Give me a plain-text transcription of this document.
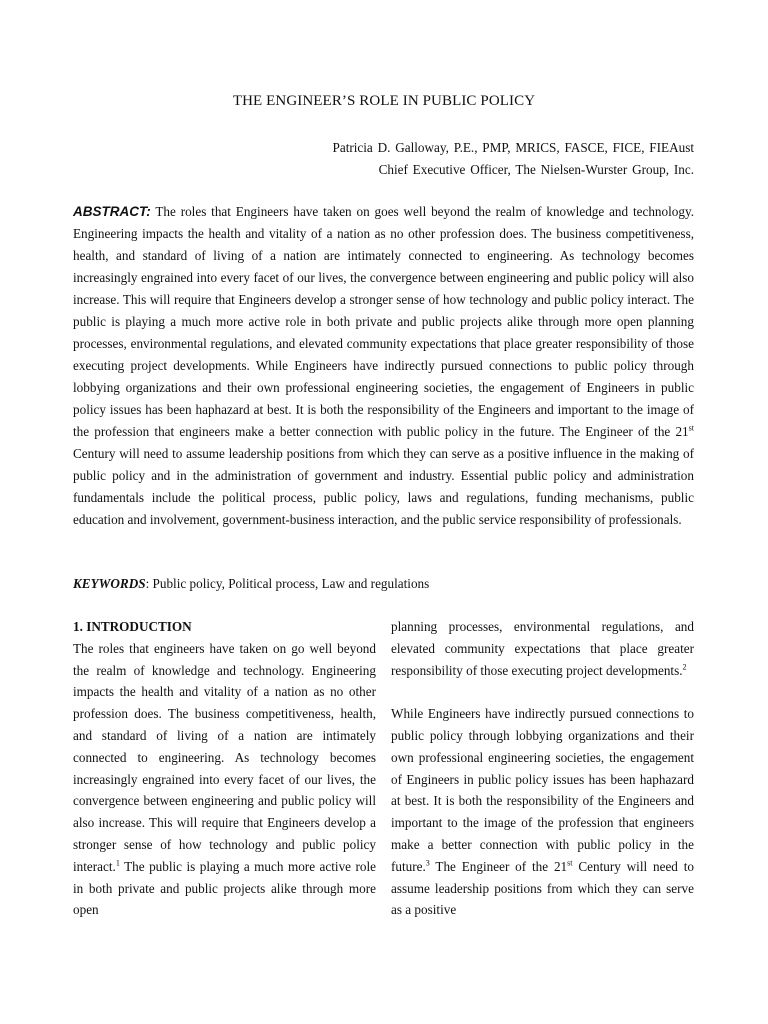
THE ENGINEER’S ROLE IN PUBLIC POLICY
Patricia D. Galloway, P.E., PMP, MRICS, FASCE, FICE, FIEAust
Chief Executive Officer, The Nielsen-Wurster Group, Inc.

ABSTRACT: The roles that Engineers have taken on goes well beyond the realm of knowledge and technology. Engineering impacts the health and vitality of a nation as no other profession does. The business competitiveness, health, and standard of living of a nation are intimately connected to engineering. As technology becomes increasingly engrained into every facet of our lives, the convergence between engineering and public policy will also increase. This will require that Engineers develop a stronger sense of how technology and public policy interact. The public is playing a much more active role in both private and public projects alike through more open planning processes, environmental regulations, and elevated community expectations that place greater responsibility of those executing project developments. While Engineers have indirectly pursued connections to public policy through lobbying organizations and their own professional engineering societies, the engagement of Engineers in public policy issues has been haphazard at best. It is both the responsibility of the Engineers and important to the image of the profession that engineers make a better connection with public policy in the future. The Engineer of the 21st Century will need to assume leadership positions from which they can serve as a positive influence in the making of public policy and in the administration of government and industry. Essential public policy and administration fundamentals include the political process, public policy, laws and regulations, funding mechanisms, public education and involvement, government-business interaction, and the public service responsibility of professionals.

KEYWORDS: Public policy, Political process, Law and regulations

1. INTRODUCTION

The roles that engineers have taken on go well beyond the realm of knowledge and technology. Engineering impacts the health and vitality of a nation as no other profession does. The business competitiveness, health, and standard of living of a nation are intimately connected to engineering. As technology becomes increasingly engrained into every facet of our lives, the convergence between engineering and public policy will also increase. This will require that Engineers develop a stronger sense of how technology and public policy interact.$^1$ The public is playing a much more active role in both private and public projects alike through more open

planning processes, environmental regulations, and elevated community expectations that place greater responsibility of those executing project developments.$^2$

While Engineers have indirectly pursued connections to public policy through lobbying organizations and their own professional engineering societies, the engagement of Engineers in public policy issues has been haphazard at best. It is both the responsibility of the Engineers and important to the image of the profession that engineers make a better connection with public policy in the future.$^3$ The Engineer of the 21st Century will need to assume leadership positions from which they can serve as a positive
